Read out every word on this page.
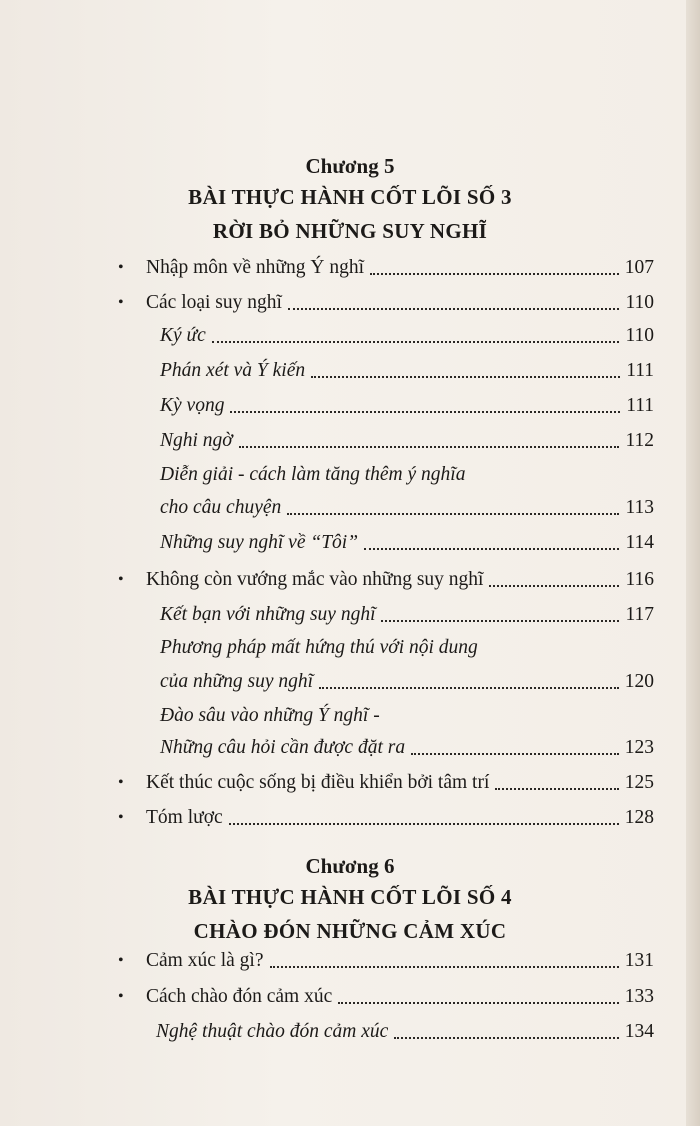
Chương 5
BÀI THỰC HÀNH CỐT LÕI SỐ 3
RỜI BỎ NHỮNG SUY NGHĨ
• Nhập môn về những Ý nghĩ	107
• Các loại suy nghĩ	110
Ký ức	110
Phán xét và Ý kiến	111
Kỳ vọng	111
Nghi ngờ	112
Diễn giải - cách làm tăng thêm ý nghĩa
cho câu chuyện	113
Những suy nghĩ về “Tôi”	114
• Không còn vướng mắc vào những suy nghĩ	116
Kết bạn với những suy nghĩ	117
Phương pháp mất hứng thú với nội dung
của những suy nghĩ	120
Đào sâu vào những Ý nghĩ -
Những câu hỏi cần được đặt ra	123
• Kết thúc cuộc sống bị điều khiển bởi tâm trí	125
• Tóm lược	128
Chương 6
BÀI THỰC HÀNH CỐT LÕI SỐ 4
CHÀO ĐÓN NHỮNG CẢM XÚC
• Cảm xúc là gì?	131
• Cách chào đón cảm xúc	133
Nghệ thuật chào đón cảm xúc	134
